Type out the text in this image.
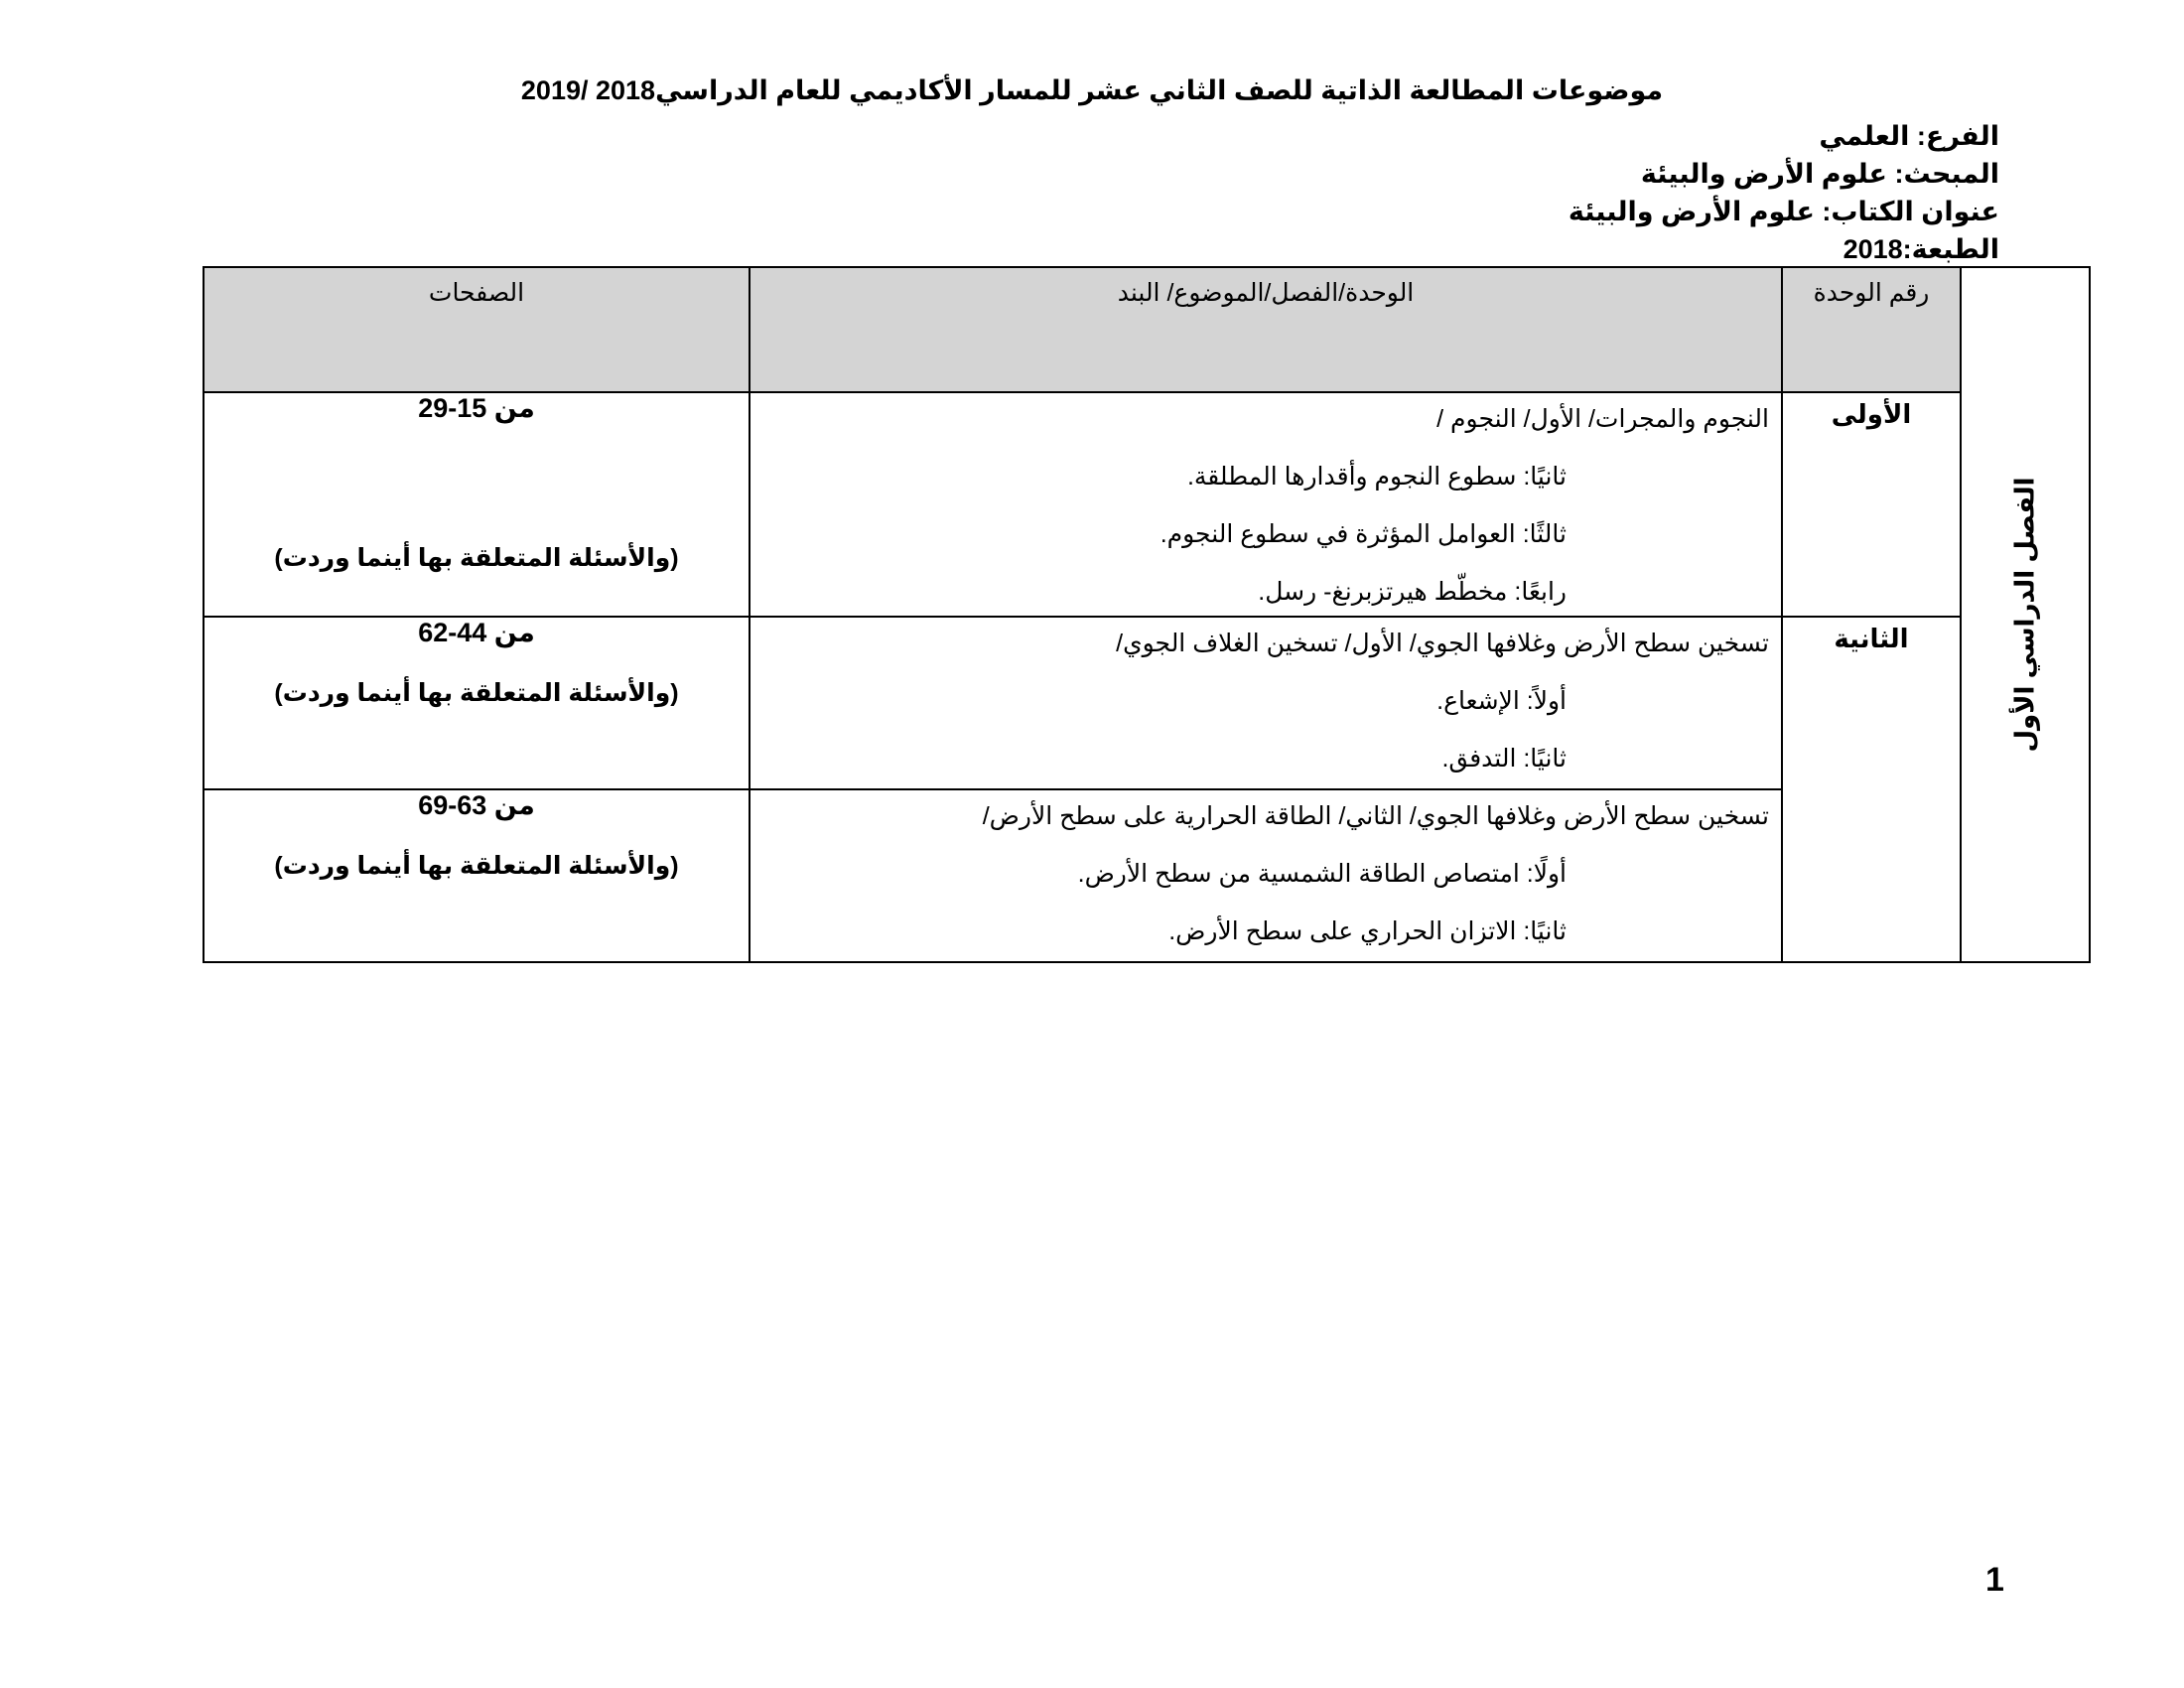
موضوعات المطالعة الذاتية للصف الثاني عشر للمسار الأكاديمي للعام الدراسي2018 /2019
الفرع: العلمي
المبحث: علوم الأرض والبيئة
عنوان الكتاب: علوم الأرض والبيئة
الطبعة:2018
الفصل الدراسي الأول	رقم الوحدة	الوحدة/الفصل/الموضوع/ البند	الصفحات

	الأولى	النجوم والمجرات/ الأول/ النجوم /
ثانيًا: سطوع النجوم وأقدارها المطلقة.
ثالثًا: العوامل المؤثرة في سطوع النجوم.
رابعًا: مخطّط هيرتزبرنغ- رسل.	من 15-29
(والأسئلة المتعلقة بها أينما وردت)

	الثانية	تسخين سطح الأرض وغلافها الجوي/ الأول/ تسخين الغلاف الجوي/
أولاً: الإشعاع.
ثانيًا: التدفق.	من 44-62
(والأسئلة المتعلقة بها أينما وردت)

		تسخين سطح الأرض وغلافها الجوي/ الثاني/ الطاقة الحرارية على سطح الأرض/
أولًا: امتصاص الطاقة الشمسية من سطح الأرض.
ثانيًا: الاتزان الحراري على سطح الأرض.	من 63-69
(والأسئلة المتعلقة بها أينما وردت)
1
